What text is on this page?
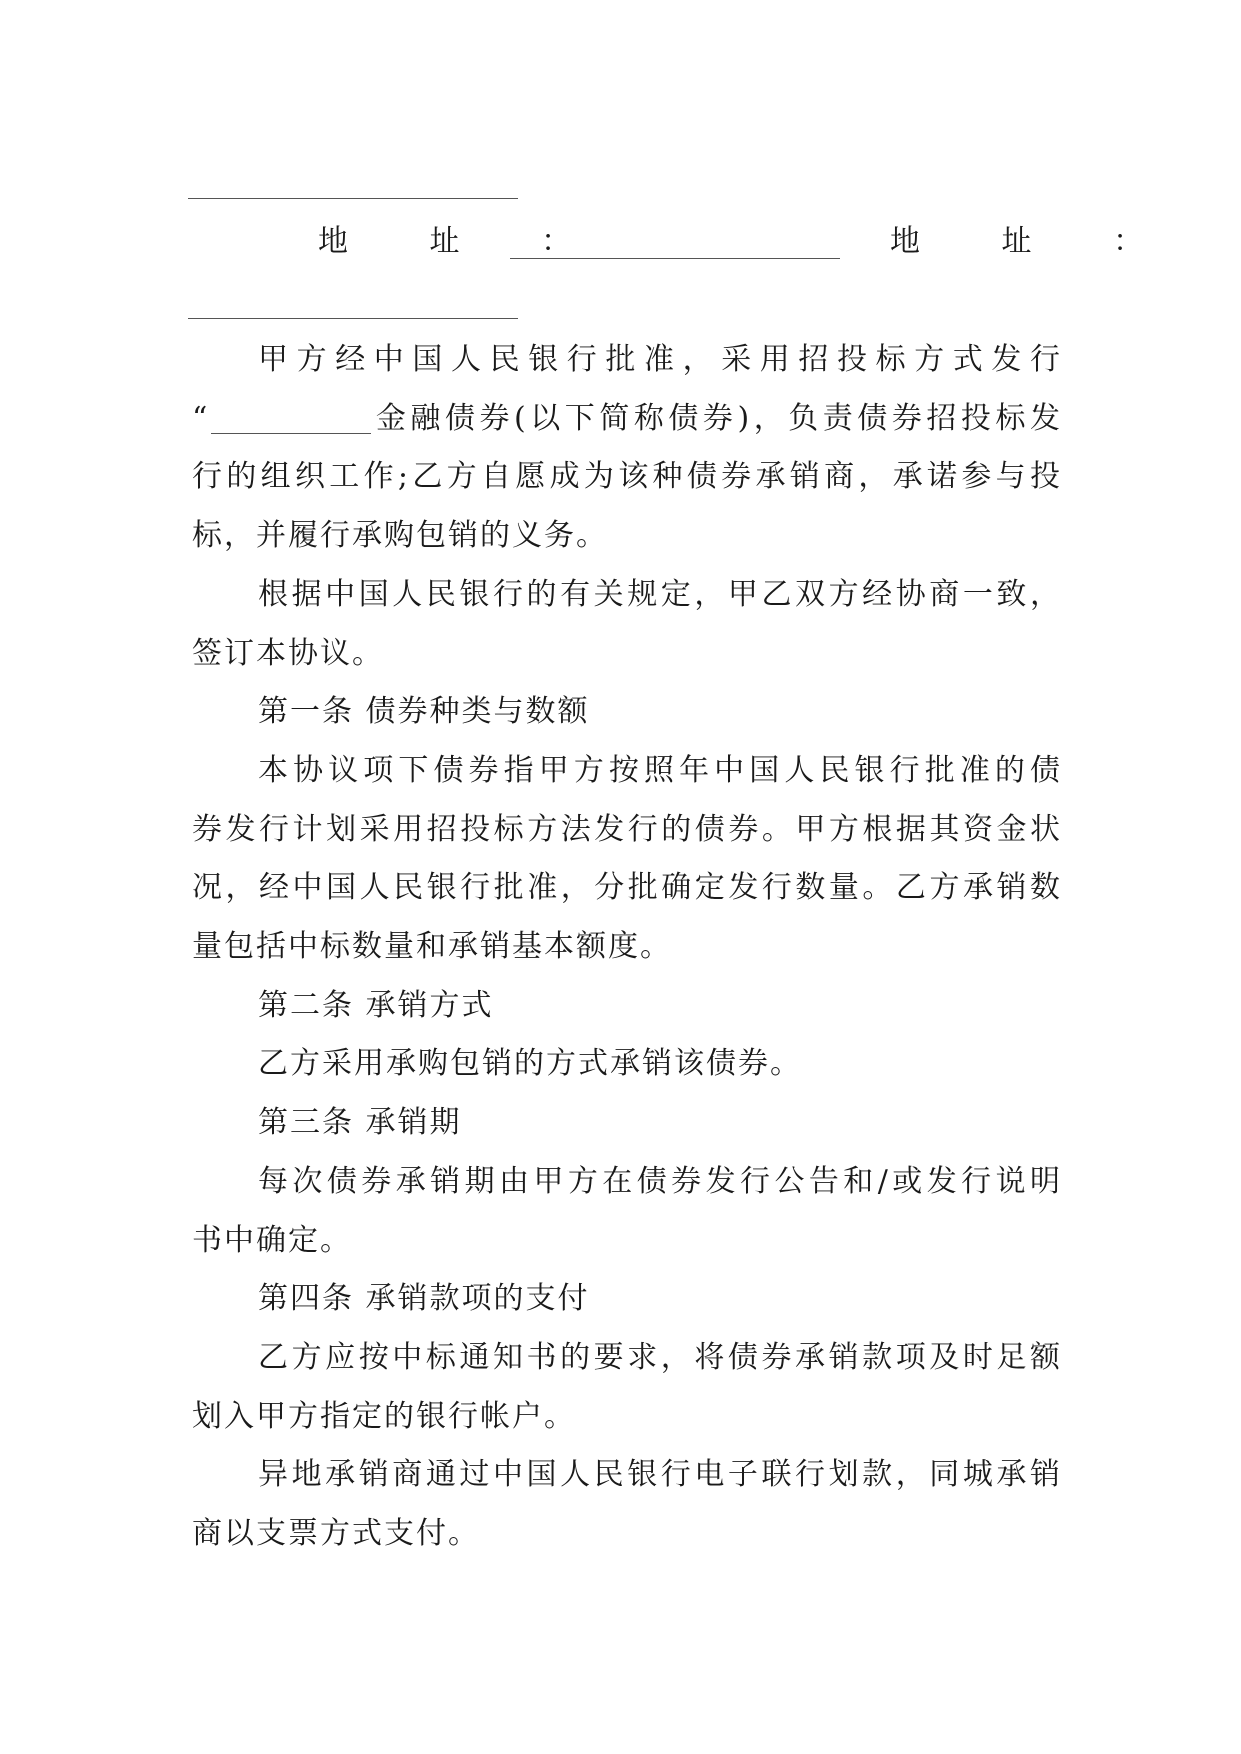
地 址 ：	地 址 ：
甲方经中国人民银行批准，采用招投标方式发行
“	金融债券(以下简称债券)，负责债券招投标发
行的组织工作;乙方自愿成为该种债券承销商，承诺参与投
标，并履行承购包销的义务。
根据中国人民银行的有关规定，甲乙双方经协商一致，
签订本协议。
第一条 债券种类与数额
本协议项下债券指甲方按照年中国人民银行批准的债
券发行计划采用招投标方法发行的债券。甲方根据其资金状
况，经中国人民银行批准，分批确定发行数量。乙方承销数
量包括中标数量和承销基本额度。
第二条 承销方式
乙方采用承购包销的方式承销该债券。
第三条 承销期
每次债券承销期由甲方在债券发行公告和/或发行说明
书中确定。
第四条 承销款项的支付
乙方应按中标通知书的要求，将债券承销款项及时足额
划入甲方指定的银行帐户。
异地承销商通过中国人民银行电子联行划款，同城承销
商以支票方式支付。
